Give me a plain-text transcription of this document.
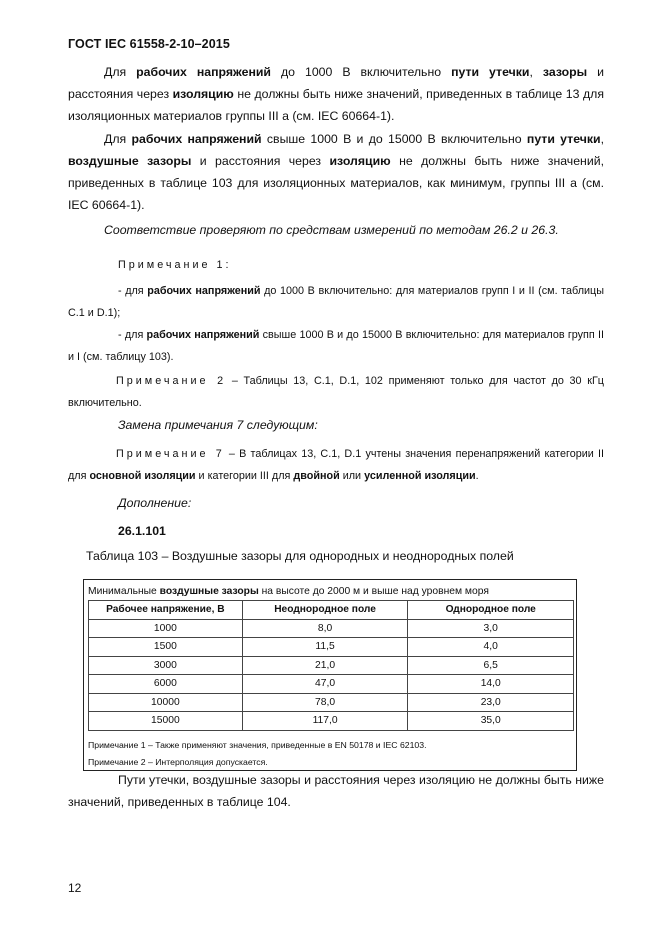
ГОСТ IEC 61558-2-10–2015
Для рабочих напряжений до 1000 В включительно пути утечки, зазоры и расстояния через изоляцию не должны быть ниже значений, приведенных в таблице 13 для изоляционных материалов группы III a (см. IEC 60664-1).
Для рабочих напряжений свыше 1000 В и до 15000 В включительно пути утечки, воздушные зазоры и расстояния через изоляцию не должны быть ниже значений, приведенных в таблице 103 для изоляционных материалов, как минимум, группы III a (см. IEC 60664-1).
Соответствие проверяют по средствам измерений по методам 26.2 и 26.3.
Примечание 1:
- для рабочих напряжений до 1000 В включительно: для материалов групп I и II (см. таблицы С.1 и D.1);
- для рабочих напряжений свыше 1000 В и до 15000 В включительно: для материалов групп II и I (см. таблицу 103).
Примечание 2 – Таблицы 13, С.1, D.1, 102 применяют только для частот до 30 кГц включительно.
Замена примечания 7 следующим:
Примечание 7 – В таблицах 13, С.1, D.1 учтены значения перенапряжений категории II для основной изоляции и категории III для двойной или усиленной изоляции.
Дополнение:
26.1.101
Таблица 103 – Воздушные зазоры для однородных и неоднородных полей
Минимальные воздушные зазоры на высоте до 2000 м и выше над уровнем моря
Рабочее напряжение, В	Неоднородное поле	Однородное поле
1000	8,0	3,0
1500	11,5	4,0
3000	21,0	6,5
6000	47,0	14,0
10000	78,0	23,0
15000	117,0	35,0
Примечание 1 – Также применяют значения, приведенные в EN 50178 и IEC 62103.
Примечание 2 – Интерполяция допускается.
Пути утечки, воздушные зазоры и расстояния через изоляцию не должны быть ниже значений, приведенных в таблице 104.
12
